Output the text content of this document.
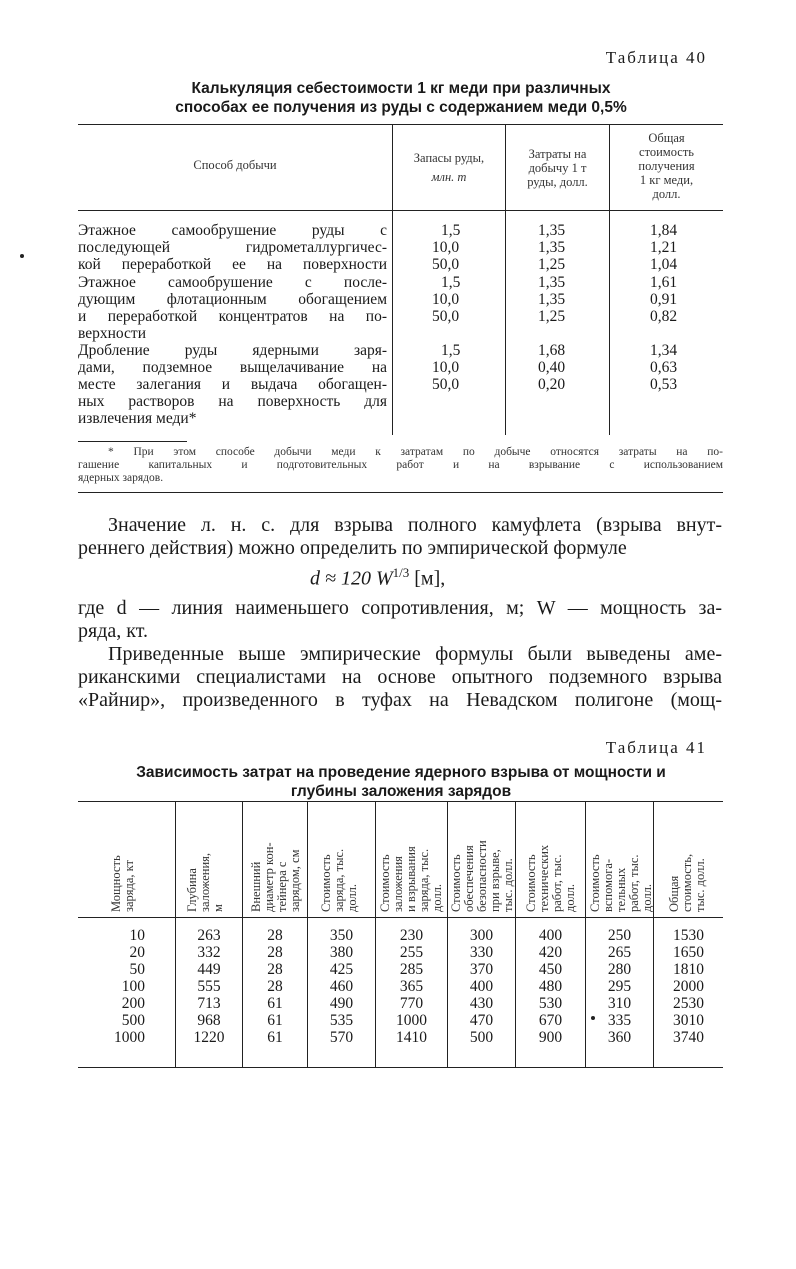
Таблица 40
Калькуляция себестоимости 1 кг меди при различных
способах ее получения из руды с содержанием меди 0,5%
Способ добычи	Запасы руды,
млн. т
Затраты на
добычу 1 т
руды, долл.
Общая
стоимость
получения
1 кг меди,
долл.
Этажное самообрушение руды с
последующей гидрометаллургичес-
кой переработкой ее на поверхности
1,5
10,0
50,0
1,35
1,35
1,25
1,84
1,21
1,04
Этажное самообрушение с после-
дующим флотационным обогащением
и переработкой концентратов на по-
верхности
1,5
10,0
50,0
1,35
1,35
1,25
1,61
0,91
0,82
Дробление руды ядерными заря-
дами, подземное выщелачивание на
месте залегания и выдача обогащен-
ных растворов на поверхность для
извлечения меди*
1,5
10,0
50,0
1,68
0,40
0,20
1,34
0,63
0,53
* При этом способе добычи меди к затратам по добыче относятся затраты на по-
гашение капитальных и подготовительных работ и на взрывание с использованием
ядерных зарядов.
Значение л. н. с. для взрыва полного камуфлета (взрыва внут-
реннего действия) можно определить по эмпирической формуле
d ≈ 120 $W^{1/3}$ [м],
где d — линия наименьшего сопротивления, м; W — мощность за-
ряда, кт.
Приведенные выше эмпирические формулы были выведены аме-
риканскими специалистами на основе опытного подземного взрыва
«Райнир», произведенного в туфах на Невадском полигоне (мощ-
Таблица 41
Зависимость затрат на проведение ядерного взрыва от мощности и
глубины заложения зарядов
Мощность заряда, кт	Глубина заложения, м Внешний диаметр кон- тейнера с зарядом, см Стоимость заряда, тыс. долл. Стоимость заложения и взрывания заряда, тыс. долл. Стоимость обеспечения безопасности при взрыве, тыс. долл. Стоимость технических работ, тыс. долл. Стоимость вспомога- тельных работ, тыс. долл. Общая стоимость, тыс. долл.
10
20
50
100
200
500
1000
263
332
449
555
713
968
1220
28
28
28
28
61
61
61
350
380
425
460
490
535
570
230
255
285
365
770
1000
1410
300
330
370
400
430
470
500
400
420
450
480
530
670
900
250
265
280
295
310
335
360
1530
1650
1810
2000
2530
3010
3740
